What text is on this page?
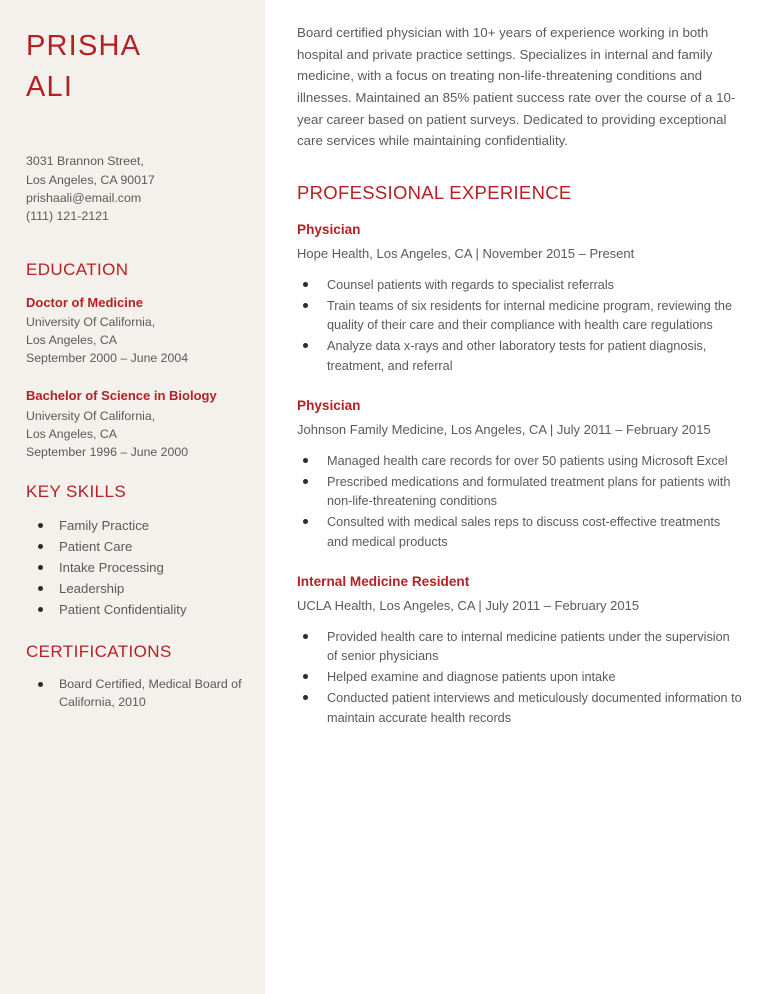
PRISHA
ALI
3031 Brannon Street,
Los Angeles, CA 90017
prishaali@email.com
(111) 121-2121
EDUCATION
Doctor of Medicine
University Of California,
Los Angeles, CA
September 2000 – June 2004
Bachelor of Science in Biology
University Of California,
Los Angeles, CA
September 1996 – June 2000
KEY SKILLS
Family Practice
Patient Care
Intake Processing
Leadership
Patient Confidentiality
CERTIFICATIONS
Board Certified, Medical Board of California, 2010

Board certified physician with 10+ years of experience working in both hospital and private practice settings. Specializes in internal and family medicine, with a focus on treating non-life-threatening conditions and illnesses. Maintained an 85% patient success rate over the course of a 10-year career based on patient surveys. Dedicated to providing exceptional care services while maintaining confidentiality.

PROFESSIONAL EXPERIENCE
Physician
Hope Health, Los Angeles, CA | November 2015 – Present
Counsel patients with regards to specialist referrals
Train teams of six residents for internal medicine program, reviewing the quality of their care and their compliance with health care regulations
Analyze data x-rays and other laboratory tests for patient diagnosis, treatment, and referral
Physician
Johnson Family Medicine, Los Angeles, CA | July 2011 – February 2015
Managed health care records for over 50 patients using Microsoft Excel
Prescribed medications and formulated treatment plans for patients with non-life-threatening conditions
Consulted with medical sales reps to discuss cost-effective treatments and medical products
Internal Medicine Resident
UCLA Health, Los Angeles, CA | July 2011 – February 2015
Provided health care to internal medicine patients under the supervision of senior physicians
Helped examine and diagnose patients upon intake
Conducted patient interviews and meticulously documented information to maintain accurate health records
